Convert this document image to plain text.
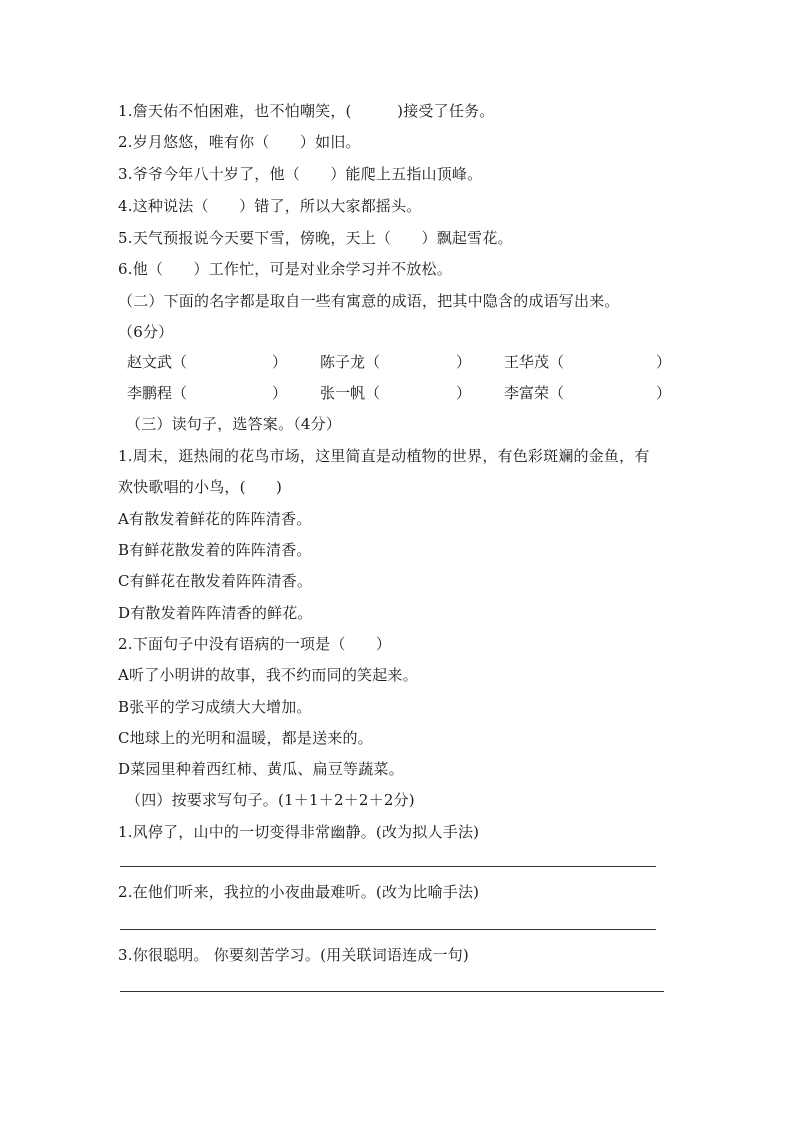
1.詹天佑不怕困难，也不怕嘲笑，(　　　)接受了任务。
2.岁月悠悠，唯有你（　　）如旧。
3.爷爷今年八十岁了，他（　　）能爬上五指山顶峰。
4.这种说法（　　）错了，所以大家都摇头。
5.天气预报说今天要下雪，傍晚，天上（　　）飘起雪花。
6.他（　　）工作忙，可是对业余学习并不放松。
（二）下面的名字都是取自一些有寓意的成语，把其中隐含的成语写出来。
（6分）
赵文武（	） 陈子龙（	） 王华茂（	）
李鹏程（	） 张一帆（	） 李富荣（	）
（三）读句子，选答案。（4分）
1.周末，逛热闹的花鸟市场，这里简直是动植物的世界，有色彩斑斓的金鱼，有
欢快歌唱的小鸟，(　　)
A有散发着鲜花的阵阵清香。
B有鲜花散发着的阵阵清香。
C有鲜花在散发着阵阵清香。
D有散发着阵阵清香的鲜花。
2.下面句子中没有语病的一项是（　　）
A听了小明讲的故事，我不约而同的笑起来。
B张平的学习成绩大大增加。
C地球上的光明和温暖，都是送来的。
D菜园里种着西红柿、黄瓜、扁豆等蔬菜。
（四）按要求写句子。(1＋1＋2＋2＋2分)
1.风停了，山中的一切变得非常幽静。(改为拟人手法)
2.在他们听来，我拉的小夜曲最难听。(改为比喻手法)
3.你很聪明。 你要刻苦学习。(用关联词语连成一句)
